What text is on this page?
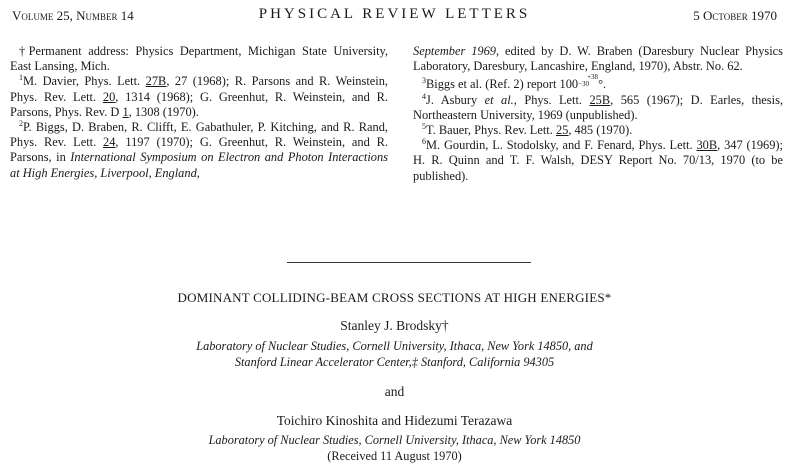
Volume 25, Number 14	PHYSICAL REVIEW LETTERS	5 October 1970

†Permanent address: Physics Department, Michigan State University, East Lansing, Mich.

$^1$M. Davier, Phys. Lett. 27B, 27 (1968); R. Parsons and R. Weinstein, Phys. Rev. Lett. 20, 1314 (1968); G. Greenhut, R. Weinstein, and R. Parsons, Phys. Rev. D 1, 1308 (1970).

$^2$P. Biggs, D. Braben, R. Clifft, E. Gabathuler, P. Kitching, and R. Rand, Phys. Rev. Lett. 24, 1197 (1970); G. Greenhut, R. Weinstein, and R. Parsons, in International Symposium on Electron and Photon Interactions at High Energies, Liverpool, England,

September 1969, edited by D. W. Braben (Daresbury Nuclear Physics Laboratory, Daresbury, Lancashire, England, 1970), Abstr. No. 62.

$^3$Biggs et al. (Ref. 2) report 100 +38
−30 °.

$^4$J. Asbury et al., Phys. Lett. 25B, 565 (1967); D. Earles, thesis, Northeastern University, 1969 (unpublished).

$^5$T. Bauer, Phys. Rev. Lett. 25, 485 (1970).

$^6$M. Gourdin, L. Stodolsky, and F. Fenard, Phys. Lett. 30B, 347 (1969); H. R. Quinn and T. F. Walsh, DESY Report No. 70/13, 1970 (to be published).

DOMINANT COLLIDING-BEAM CROSS SECTIONS AT HIGH ENERGIES*
Stanley J. Brodsky†
Laboratory of Nuclear Studies, Cornell University, Ithaca, New York 14850, and
Stanford Linear Accelerator Center,‡ Stanford, California 94305
and
Toichiro Kinoshita and Hidezumi Terazawa
Laboratory of Nuclear Studies, Cornell University, Ithaca, New York 14850
(Received 11 August 1970)
